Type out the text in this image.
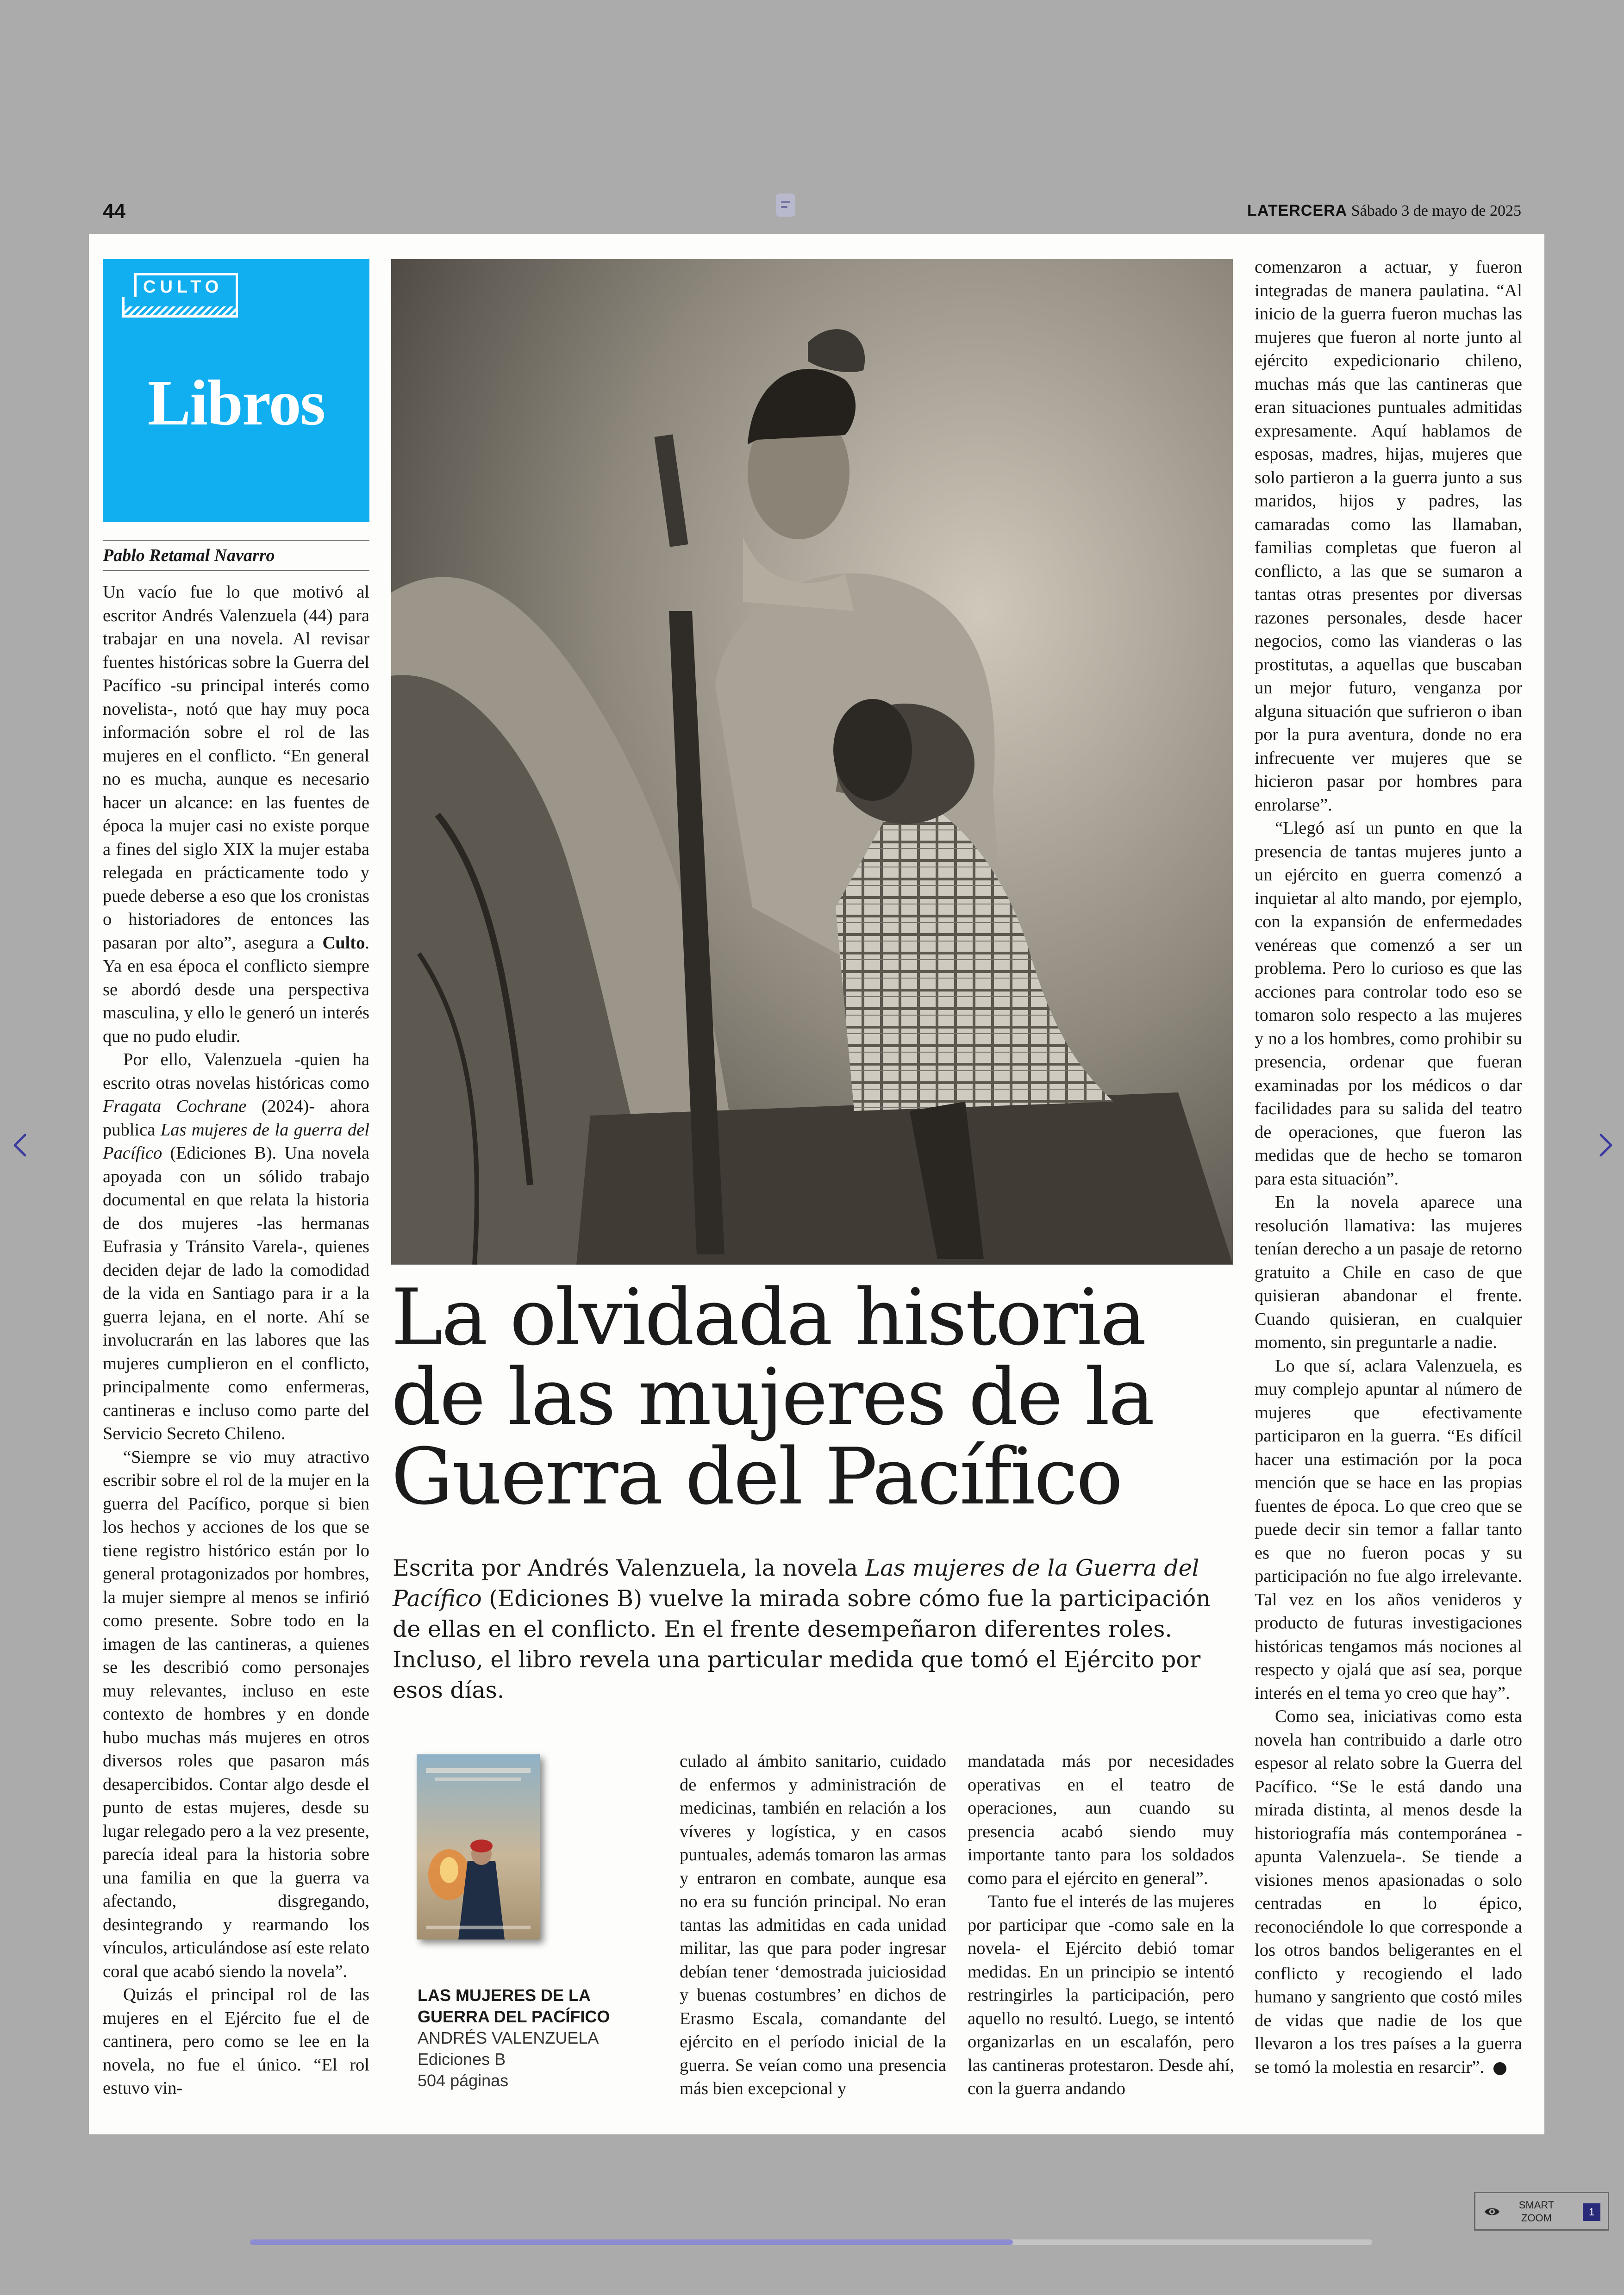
44	LATERCERA Sábado 3 de mayo de 2025
CULTO
Libros
Pablo Retamal Navarro

Un vacío fue lo que motivó al escritor Andrés Valenzuela (44) para trabajar en una novela. Al revisar fuentes históricas sobre la Guerra del Pacífico -su principal interés como novelista-, notó que hay muy poca información sobre el rol de las mujeres en el conflicto. “En general no es mucha, aunque es necesario hacer un alcance: en las fuentes de época la mujer casi no existe porque a fines del siglo XIX la mujer estaba relegada en prácticamente todo y puede deberse a eso que los cronistas o historiadores de entonces las pasaran por alto”, asegura a Culto. Ya en esa época el conflicto siempre se abordó desde una perspectiva masculina, y ello le generó un interés que no pudo eludir.

Por ello, Valenzuela -quien ha escrito otras novelas históricas como Fragata Cochrane (2024)- ahora publica Las mujeres de la guerra del Pacífico (Ediciones B). Una novela apoyada con un sólido trabajo documental en que relata la historia de dos mujeres -las hermanas Eufrasia y Tránsito Varela-, quienes deciden dejar de lado la comodidad de la vida en Santiago para ir a la guerra lejana, en el norte. Ahí se involucrarán en las labores que las mujeres cumplieron en el conflicto, principalmente como enfermeras, cantineras e incluso como parte del Servicio Secreto Chileno.

“Siempre se vio muy atractivo escribir sobre el rol de la mujer en la guerra del Pacífico, porque si bien los hechos y acciones de los que se tiene registro histórico están por lo general protagonizados por hombres, la mujer siempre al menos se infirió como presente. Sobre todo en la imagen de las cantineras, a quienes se les describió como personajes muy relevantes, incluso en este contexto de hombres y en donde hubo muchas más mujeres en otros diversos roles que pasaron más desapercibidos. Contar algo desde el punto de estas mujeres, desde su lugar relegado pero a la vez presente, parecía ideal para la historia sobre una familia en que la guerra va afectando, disgregando, desintegrando y rearmando los vínculos, articulándose así este relato coral que acabó siendo la novela”.

Quizás el principal rol de las mujeres en el Ejército fue el de cantinera, pero como se lee en la novela, no fue el único. “El rol estuvo vin-

La olvidada historia de las mujeres de la Guerra del Pacífico

Escrita por Andrés Valenzuela, la novela Las mujeres de la Guerra del Pacífico (Ediciones B) vuelve la mirada sobre cómo fue la participación de ellas en el conflicto. En el frente desempeñaron diferentes roles. Incluso, el libro revela una particular medida que tomó el Ejército por esos días.

LAS MUJERES DE LA GUERRA DEL PACÍFICO
ANDRÉS VALENZUELA
Ediciones B
504 páginas

culado al ámbito sanitario, cuidado de enfermos y administración de medicinas, también en relación a los víveres y logística, y en casos puntuales, además tomaron las armas y entraron en combate, aunque esa no era su función principal. No eran tantas las admitidas en cada unidad militar, las que para poder ingresar debían tener ‘demostrada juiciosidad y buenas costumbres’ en dichos de Erasmo Escala, comandante del ejército en el período inicial de la guerra. Se veían como una presencia más bien excepcional y

mandatada más por necesidades operativas en el teatro de operaciones, aun cuando su presencia acabó siendo muy importante tanto para los soldados como para el ejército en general”.

Tanto fue el interés de las mujeres por participar que -como sale en la novela- el Ejército debió tomar medidas. En un principio se intentó restringirles la participación, pero aquello no resultó. Luego, se intentó organizarlas en un escalafón, pero las cantineras protestaron. Desde ahí, con la guerra andando

comenzaron a actuar, y fueron integradas de manera paulatina. “Al inicio de la guerra fueron muchas las mujeres que fueron al norte junto al ejército expedicionario chileno, muchas más que las cantineras que eran situaciones puntuales admitidas expresamente. Aquí hablamos de esposas, madres, hijas, mujeres que solo partieron a la guerra junto a sus maridos, hijos y padres, las camaradas como las llamaban, familias completas que fueron al conflicto, a las que se sumaron a tantas otras presentes por diversas razones personales, desde hacer negocios, como las vianderas o las prostitutas, a aquellas que buscaban un mejor futuro, venganza por alguna situación que sufrieron o iban por la pura aventura, donde no era infrecuente ver mujeres que se hicieron pasar por hombres para enrolarse”.

“Llegó así un punto en que la presencia de tantas mujeres junto a un ejército en guerra comenzó a inquietar al alto mando, por ejemplo, con la expansión de enfermedades venéreas que comenzó a ser un problema. Pero lo curioso es que las acciones para controlar todo eso se tomaron solo respecto a las mujeres y no a los hombres, como prohibir su presencia, ordenar que fueran examinadas por los médicos o dar facilidades para su salida del teatro de operaciones, que fueron las medidas que de hecho se tomaron para esta situación”.

En la novela aparece una resolución llamativa: las mujeres tenían derecho a un pasaje de retorno gratuito a Chile en caso de que quisieran abandonar el frente. Cuando quisieran, en cualquier momento, sin preguntarle a nadie.

Lo que sí, aclara Valenzuela, es muy complejo apuntar al número de mujeres que efectivamente participaron en la guerra. “Es difícil hacer una estimación por la poca mención que se hace en las propias fuentes de época. Lo que creo que se puede decir sin temor a fallar tanto es que no fueron pocas y su participación no fue algo irrelevante. Tal vez en los años venideros y producto de futuras investigaciones históricas tengamos más nociones al respecto y ojalá que así sea, porque interés en el tema yo creo que hay”.

Como sea, iniciativas como esta novela han contribuido a darle otro espesor al relato sobre la Guerra del Pacífico. “Se le está dando una mirada distinta, al menos desde la historiografía más contemporánea -apunta Valenzuela-. Se tiende a visiones menos apasionadas o solo centradas en lo épico, reconociéndole lo que corresponde a los otros bandos beligerantes en el conflicto y recogiendo el lado humano y sangriento que costó miles de vidas que nadie de los que llevaron a los tres países a la guerra se tomó la molestia en resarcir”.

SMART ZOOM
1
